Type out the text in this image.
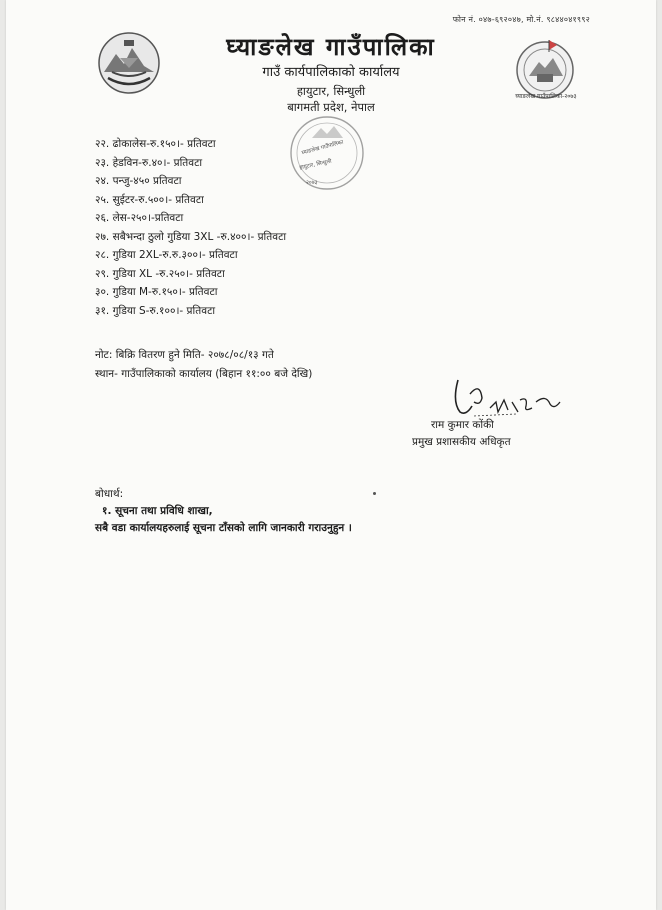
फोन नं. ०४७-६९२०४७, मो.नं. ९८४४०४१९९२
घ्याङलेख गाउँपालिका
गाउँ कार्यपालिकाको कार्यालय
हायुटार, सिन्धुली
बागमती प्रदेश, नेपाल
घ्याङलेख गाउँपालिका-२०७३
घ्याङलेख गाउँपालिका
हायुटार, सिन्धुली
२०७३
२२. ढोकालेस-रु.१५०।- प्रतिवटा
२३. हेडविन-रु.४०।- प्रतिवटा
२४. पन्जु-४५० प्रतिवटा
२५. सुईटर-रु.५००।- प्रतिवटा
२६. लेस-२५०।-प्रतिवटा
२७. सबैभन्दा ठुलो गुडिया 3XL -रु.४००।- प्रतिवटा
२८. गुडिया 2XL-रु.रु.३००।- प्रतिवटा
२९. गुडिया XL -रु.२५०।- प्रतिवटा
३०. गुडिया M-रु.१५०।- प्रतिवटा
३१. गुडिया S-रु.१००।- प्रतिवटा
नोट: बिक्रि वितरण हुने मिति- २०७८/०८/१३ गते
स्थान- गाउँपालिकाको कार्यालय (बिहान ११:०० बजे देखि)
राम कुमार कोंकी
प्रमुख प्रशासकीय अधिकृत
बोधार्थ:
१. सूचना तथा प्रविधि शाखा,
सबै वडा कार्यालयहरुलाई सूचना टाँसको लागि जानकारी गराउनुहुन ।
